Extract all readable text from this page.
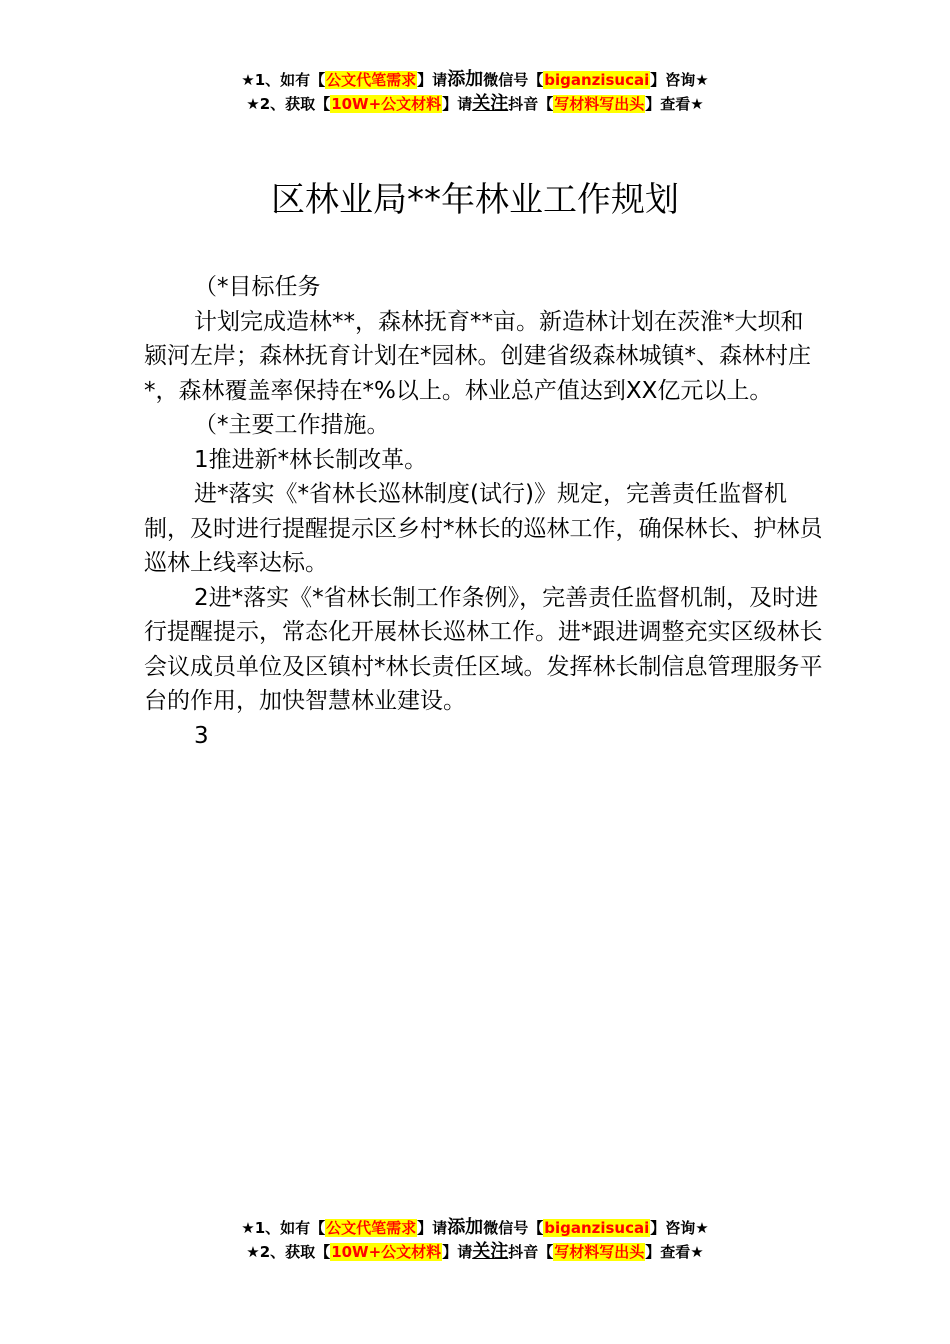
★1、如有【公文代笔需求】请添加微信号【biganzisucai】咨询★
★2、获取【10W+公文材料】请关注抖音【写材料写出头】查看★
区林业局**年林业工作规划

（*目标任务

计划完成造林**，森林抚育**亩。新造林计划在茨淮*大坝和颍河左岸；森林抚育计划在*园林。创建省级森林城镇*、森林村庄*，森林覆盖率保持在*%以上。林业总产值达到XX亿元以上。

（*主要工作措施。

1推进新*林长制改革。

进*落实《*省林长巡林制度(试行)》规定，完善责任监督机制，及时进行提醒提示区乡村*林长的巡林工作，确保林长、护林员巡林上线率达标。

2进*落实《*省林长制工作条例》，完善责任监督机制，及时进行提醒提示，常态化开展林长巡林工作。进*跟进调整充实区级林长会议成员单位及区镇村*林长责任区域。发挥林长制信息管理服务平台的作用，加快智慧林业建设。

3

★1、如有【公文代笔需求】请添加微信号【biganzisucai】咨询★
★2、获取【10W+公文材料】请关注抖音【写材料写出头】查看★
